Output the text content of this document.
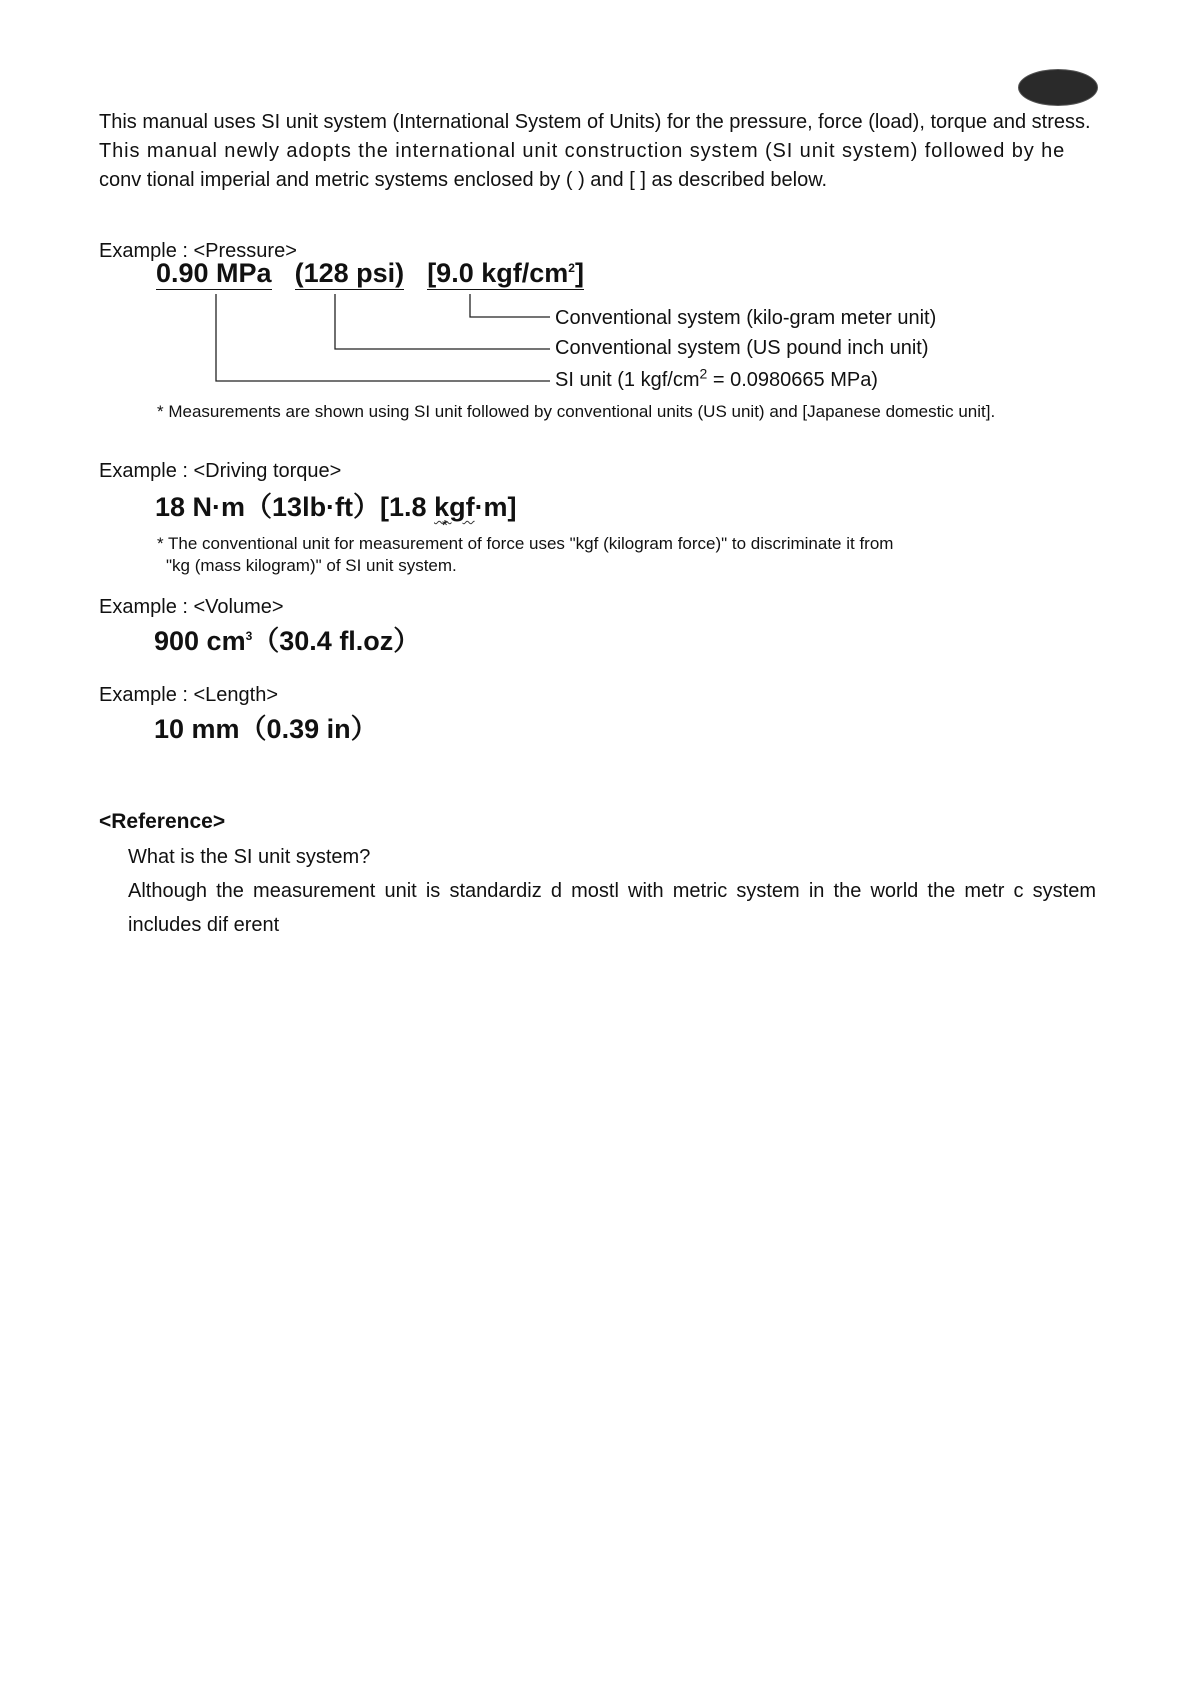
This manual uses SI unit system (International System of Units) for the pressure, force (load), torque and stress.
This manual newly adopts the international unit construction system (SI unit system) followed by he
conv tional imperial and metric systems enclosed by ( ) and [ ] as described below.
Example : <Pressure>
0.90 MPa (128 psi) [9.0 kgf/$cm^2$]
Conventional system (kilo-gram meter unit)
Conventional system (US pound inch unit)
SI unit (1 kgf/$cm^2 = 0.0980665$ MPa)
* Measurements are shown using SI unit followed by conventional units (US unit) and [Japanese domestic unit].
Example : <Driving torque>
18 N·m（13lb·ft）[1.8 kgf·m]
*
* The conventional unit for measurement of force uses "kgf (kilogram force)" to discriminate it from
"kg (mass kilogram)" of SI unit system.
Example : <Volume>
900 $cm^3(30.4$ fl.oz）
Example : <Length>
10 mm（0.39 in）
<Reference>
What is the SI unit system?
Although the measurement unit is standardiz d mostl with metric system in the world the metr c system
includes dif erent
